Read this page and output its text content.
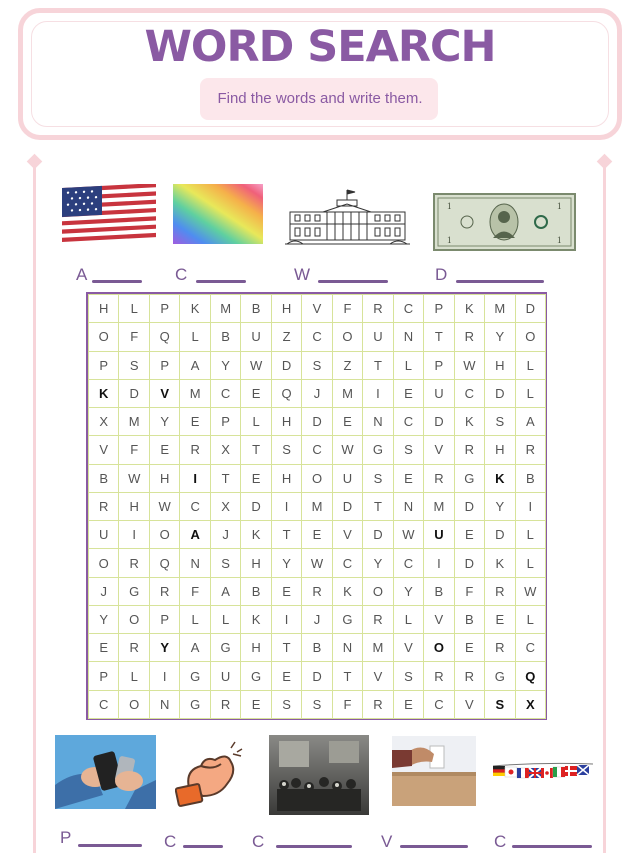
WORD SEARCH
Find the words and write them.
1	1
1	1
A	C	W	D
H	L	P	K	M	B	H	V	F	R	C	P	K	M	D
O	F	Q	L	B	U	Z	C	O	U	N	T	R	Y	O
P	S	P	A	Y	W	D	S	Z	T	L	P	W	H	L
K	D	V	M	C	E	Q	J	M	I	E	U	C	D	L
X	M	Y	E	P	L	H	D	E	N	C	D	K	S	A
V	F	E	R	X	T	S	C	W	G	S	V	R	H	R
B	W	H	I	T	E	H	O	U	S	E	R	G	K	B
R	H	W	C	X	D	I	M	D	T	N	M	D	Y	I
U	I	O	A	J	K	T	E	V	D	W	U	E	D	L
O	R	Q	N	S	H	Y	W	C	Y	C	I	D	K	L
J	G	R	F	A	B	E	R	K	O	Y	B	F	R	W
Y	O	P	L	L	K	I	J	G	R	L	V	B	E	L
E	R	Y	A	G	H	T	B	N	M	V	O	E	R	C
P	L	I	G	U	G	E	D	T	V	S	R	R	G	Q
C	O	N	G	R	E	S	S	F	R	E	C	V	S	X
P	C	C	V	C
